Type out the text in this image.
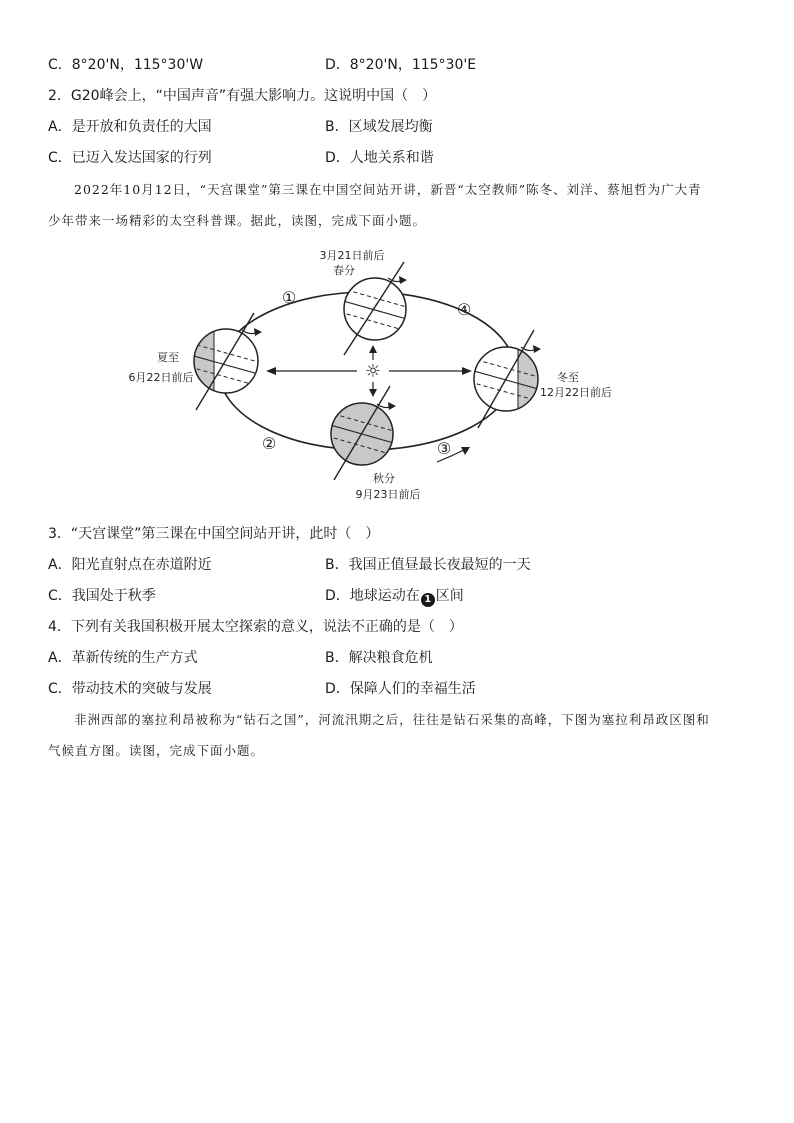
C．8°20'N，115°30'W	D．8°20'N，115°30'E
2．G20峰会上，“中国声音”有强大影响力。这说明中国（　）
A．是开放和负责任的大国	B．区域发展均衡
C．已迈入发达国家的行列	D．人地关系和谐
2022年10月12日，“天宫课堂”第三课在中国空间站开讲，新晋“太空教师”陈冬、刘洋、蔡旭哲为广大青
少年带来一场精彩的太空科普课。据此，读图，完成下面小题。
☼
3月21日前后
春分
夏至
6月22日前后	冬至
12月22日前后
秋分
9月23日前后
①
④
②	③
3．“天宫课堂”第三课在中国空间站开讲，此时（　）
A．阳光直射点在赤道附近	B．我国正值昼最长夜最短的一天
C．我国处于秋季	D．地球运动在 1 区间
4．下列有关我国积极开展太空探索的意义，说法不正确的是（　）
A．革新传统的生产方式	B．解决粮食危机
C．带动技术的突破与发展	D．保障人们的幸福生活
非洲西部的塞拉利昂被称为“钻石之国”，河流汛期之后，往往是钻石采集的高峰，下图为塞拉利昂政区图和
气候直方图。读图，完成下面小题。
